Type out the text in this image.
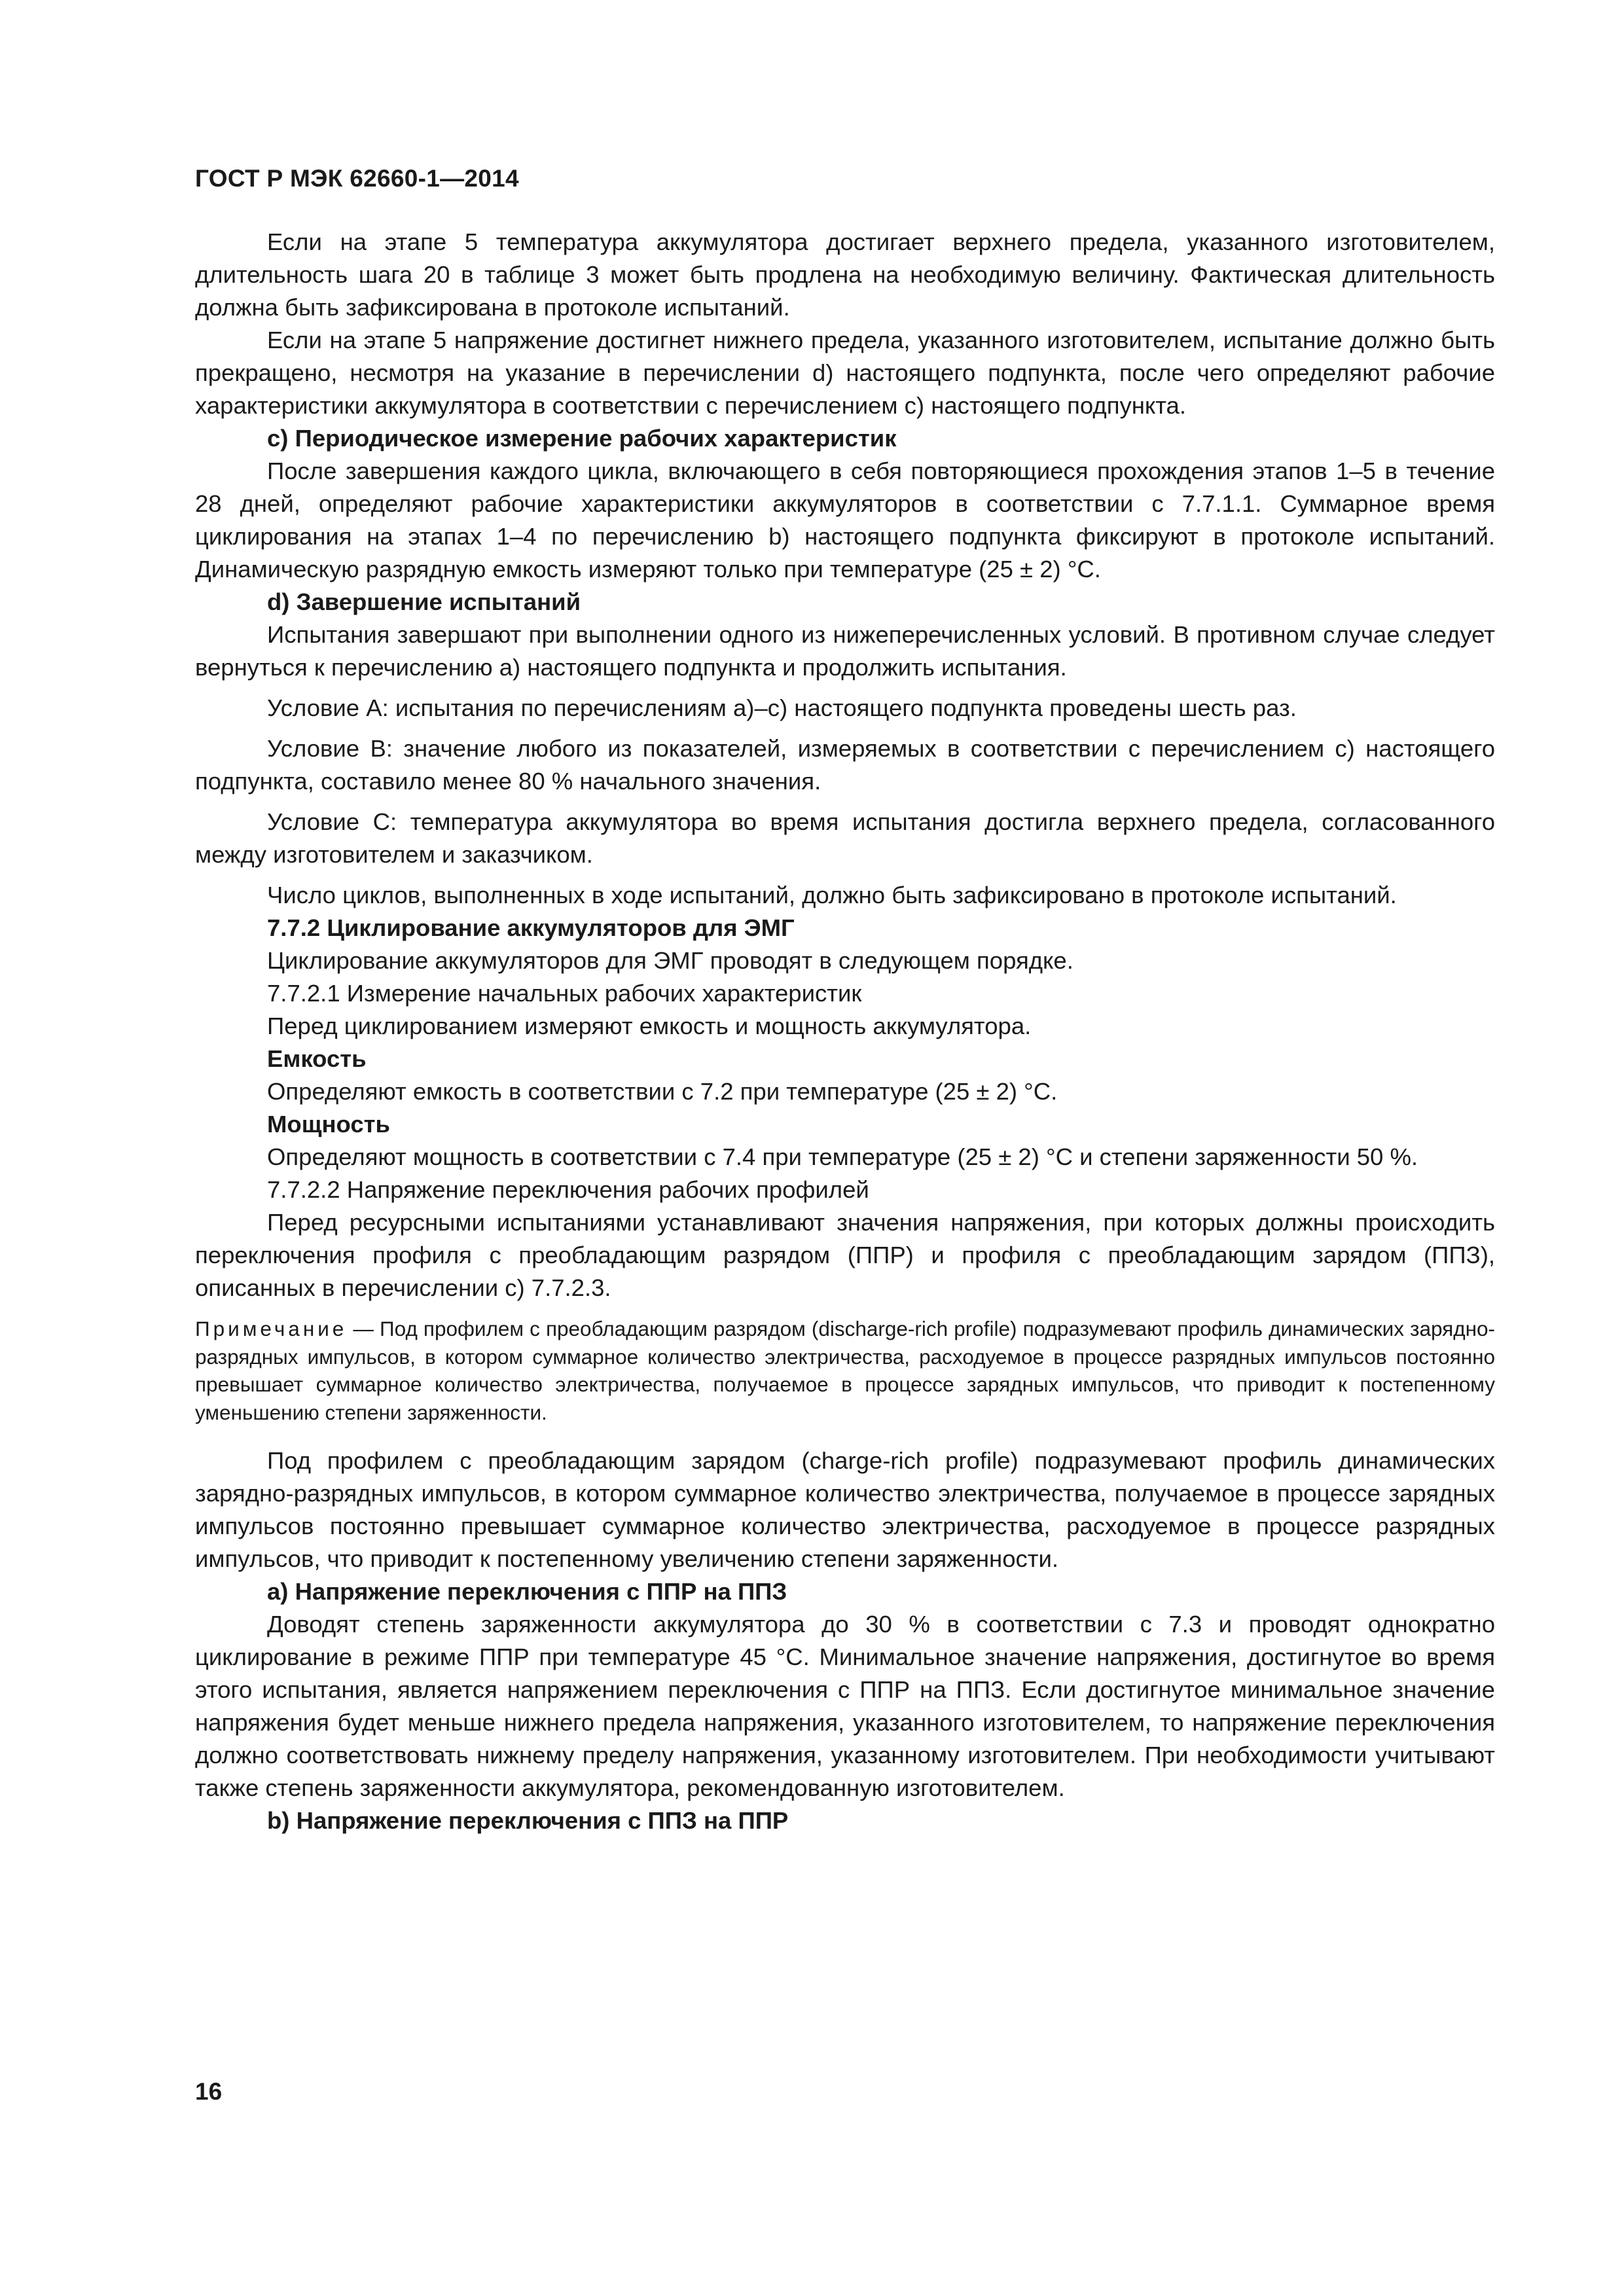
ГОСТ Р МЭК 62660-1—2014

Если на этапе 5 температура аккумулятора достигает верхнего предела, указанного изготовителем, длительность шага 20 в таблице 3 может быть продлена на необходимую величину. Фактическая длительность должна быть зафиксирована в протоколе испытаний.

Если на этапе 5 напряжение достигнет нижнего предела, указанного изготовителем, испытание должно быть прекращено, несмотря на указание в перечислении d) настоящего подпункта, после чего определяют рабочие характеристики аккумулятора в соответствии с перечислением c) настоящего подпункта.

c) Периодическое измерение рабочих характеристик

После завершения каждого цикла, включающего в себя повторяющиеся прохождения этапов 1–5 в течение 28 дней, определяют рабочие характеристики аккумуляторов в соответствии с 7.7.1.1. Суммарное время циклирования на этапах 1–4 по перечислению b) настоящего подпункта фиксируют в протоколе испытаний. Динамическую разрядную емкость измеряют только при температуре (25 ± 2) °C.

d) Завершение испытаний

Испытания завершают при выполнении одного из нижеперечисленных условий. В противном случае следует вернуться к перечислению а) настоящего подпункта и продолжить испытания.

Условие A: испытания по перечислениям a)–c) настоящего подпункта проведены шесть раз.

Условие B: значение любого из показателей, измеряемых в соответствии с перечислением c) настоящего подпункта, составило менее 80 % начального значения.

Условие C: температура аккумулятора во время испытания достигла верхнего предела, согласованного между изготовителем и заказчиком.

Число циклов, выполненных в ходе испытаний, должно быть зафиксировано в протоколе испытаний.

7.7.2 Циклирование аккумуляторов для ЭМГ

Циклирование аккумуляторов для ЭМГ проводят в следующем порядке.

7.7.2.1 Измерение начальных рабочих характеристик

Перед циклированием измеряют емкость и мощность аккумулятора.

Емкость

Определяют емкость в соответствии с 7.2 при температуре (25 ± 2) °C.

Мощность

Определяют мощность в соответствии с 7.4 при температуре (25 ± 2) °C и степени заряженности 50 %.

7.7.2.2 Напряжение переключения рабочих профилей

Перед ресурсными испытаниями устанавливают значения напряжения, при которых должны происходить переключения профиля с преобладающим разрядом (ППР) и профиля с преобладающим зарядом (ППЗ), описанных в перечислении c) 7.7.2.3.

Примечание — Под профилем с преобладающим разрядом (discharge-rich profile) подразумевают профиль динамических зарядно-разрядных импульсов, в котором суммарное количество электричества, расходуемое в процессе разрядных импульсов постоянно превышает суммарное количество электричества, получаемое в процессе зарядных импульсов, что приводит к постепенному уменьшению степени заряженности.

Под профилем с преобладающим зарядом (charge-rich profile) подразумевают профиль динамических зарядно-разрядных импульсов, в котором суммарное количество электричества, получаемое в процессе зарядных импульсов постоянно превышает суммарное количество электричества, расходуемое в процессе разрядных импульсов, что приводит к постепенному увеличению степени заряженности.

a) Напряжение переключения с ППР на ППЗ

Доводят степень заряженности аккумулятора до 30 % в соответствии с 7.3 и проводят однократно циклирование в режиме ППР при температуре 45 °C. Минимальное значение напряжения, достигнутое во время этого испытания, является напряжением переключения с ППР на ППЗ. Если достигнутое минимальное значение напряжения будет меньше нижнего предела напряжения, указанного изготовителем, то напряжение переключения должно соответствовать нижнему пределу напряжения, указанному изготовителем. При необходимости учитывают также степень заряженности аккумулятора, рекомендованную изготовителем.

b) Напряжение переключения с ППЗ на ППР

16
